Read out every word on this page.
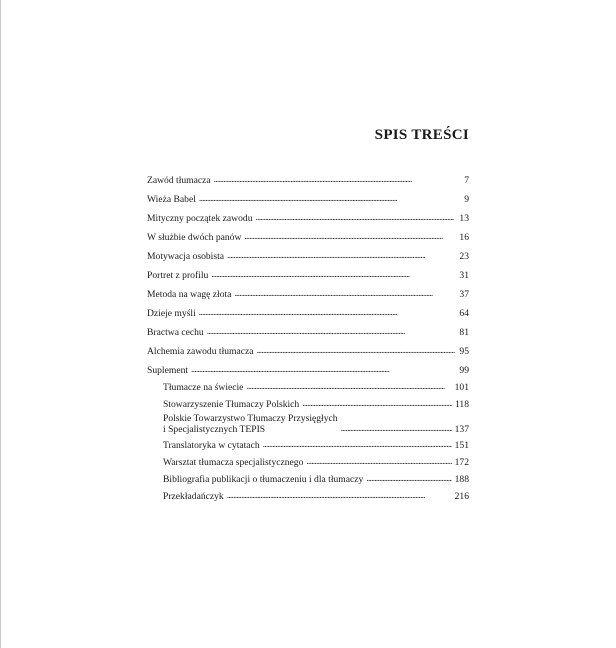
SPIS TREŚCI
Zawód tłumacza . . .	7
Wieża Babel . . .	9
Mityczny początek zawodu . . .	13
W służbie dwóch panów . . .	16
Motywacja osobista . . .	23
Portret z profilu . . .	31
Metoda na wagę złota . . .	37
Dzieje myśli . . .	64
Bractwa cechu . . .	81
Alchemia zawodu tłumacza . . .	95
Suplement . . .	99
Tłumacze na świecie . . .	101
Stowarzyszenie Tłumaczy Polskich . . .	118
Polskie Towarzystwo Tłumaczy Przysięgłych
i Specjalistycznych TEPIS . . .	137
Translatoryka w cytatach . . .	151
Warsztat tłumacza specjalistycznego . . .	172
Bibliografia publikacji o tłumaczeniu i dla tłumaczy . . .	188
Przekładańczyk . . .	216
